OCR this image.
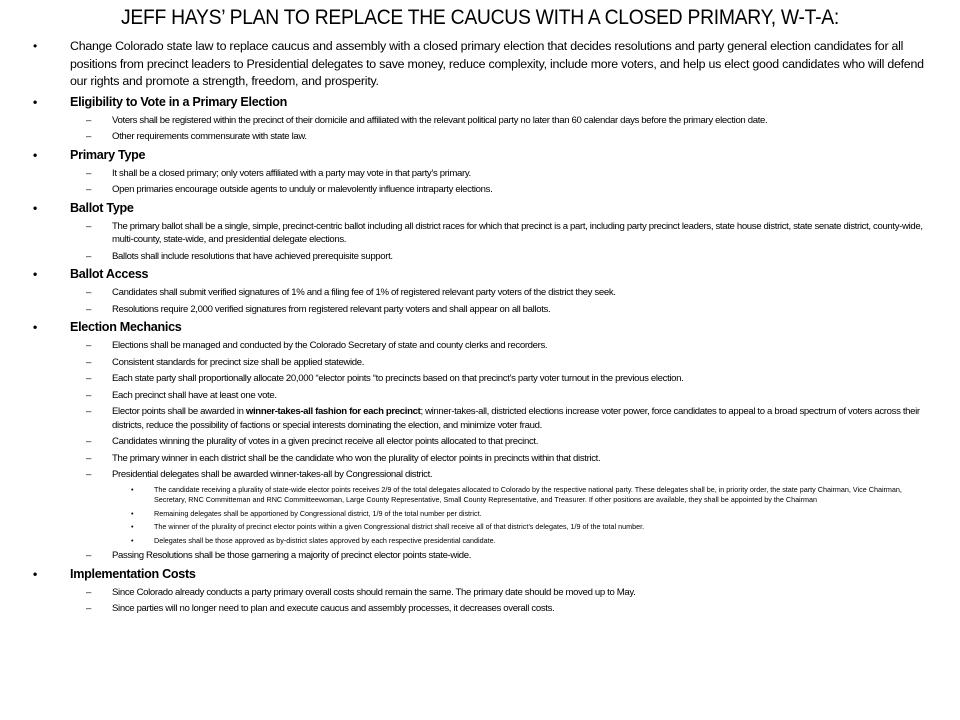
JEFF HAYS’ PLAN TO REPLACE THE CAUCUS WITH A CLOSED PRIMARY, W-T-A:
•	Change Colorado state law to replace caucus and assembly with a closed primary election that decides resolutions and party general election candidates for all positions from precinct leaders to Presidential delegates to save money, reduce complexity, include more voters, and help us elect good candidates who will defend our rights and promote a strength, freedom, and prosperity.
•	Eligibility to Vote in a Primary Election
– Voters shall be registered within the precinct of their domicile and affiliated with the relevant political party no later than 60 calendar days before the primary election date.
– Other requirements commensurate with state law.
•	Primary Type
– It shall be a closed primary; only voters affiliated with a party may vote in that party’s primary.
– Open primaries encourage outside agents to unduly or malevolently influence intraparty elections.
•	Ballot Type
– The primary ballot shall be a single, simple, precinct-centric ballot including all district races for which that precinct is a part, including party precinct leaders, state house district, state senate district, county-wide, multi-county, state-wide, and presidential delegate elections.
– Ballots shall include resolutions that have achieved prerequisite support.
•	Ballot Access
– Candidates shall submit verified signatures of 1% and a filing fee of 1% of registered relevant party voters of the district they seek.
– Resolutions require 2,000 verified signatures from registered relevant party voters and shall appear on all ballots.
•	Election Mechanics
– Elections shall be managed and conducted by the Colorado Secretary of state and county clerks and recorders.
– Consistent standards for precinct size shall be applied statewide.
– Each state party shall proportionally allocate 20,000 “elector points “to precincts based on that precinct’s party voter turnout in the previous election.
– Each precinct shall have at least one vote.
– Elector points shall be awarded in winner-takes-all fashion for each precinct; winner-takes-all, districted elections increase voter power, force candidates to appeal to a broad spectrum of voters across their districts, reduce the possibility of factions or special interests dominating the election, and minimize voter fraud.
– Candidates winning the plurality of votes in a given precinct receive all elector points allocated to that precinct.
– The primary winner in each district shall be the candidate who won the plurality of elector points in precincts within that district.
– Presidential delegates shall be awarded winner-takes-all by Congressional district.
•	The candidate receiving a plurality of state-wide elector points receives 2/9 of the total delegates allocated to Colorado by the respective national party. These delegates shall be, in priority order, the state party Chairman, Vice Chairman, Secretary, RNC Committeman and RNC Committeewoman, Large County Representative, Small County Representative, and Treasurer. If other positions are available, they shall be appointed by the Chairman
•	Remaining delegates shall be apportioned by Congressional district, 1/9 of the total number per district.
•	The winner of the plurality of precinct elector points within a given Congressional district shall receive all of that district’s delegates, 1/9 of the total number.
•	Delegates shall be those approved as by-district slates approved by each respective presidential candidate.
– Passing Resolutions shall be those garnering a majority of precinct elector points state-wide.
•	Implementation Costs
– Since Colorado already conducts a party primary overall costs should remain the same. The primary date should be moved up to May.
– Since parties will no longer need to plan and execute caucus and assembly processes, it decreases overall costs.
